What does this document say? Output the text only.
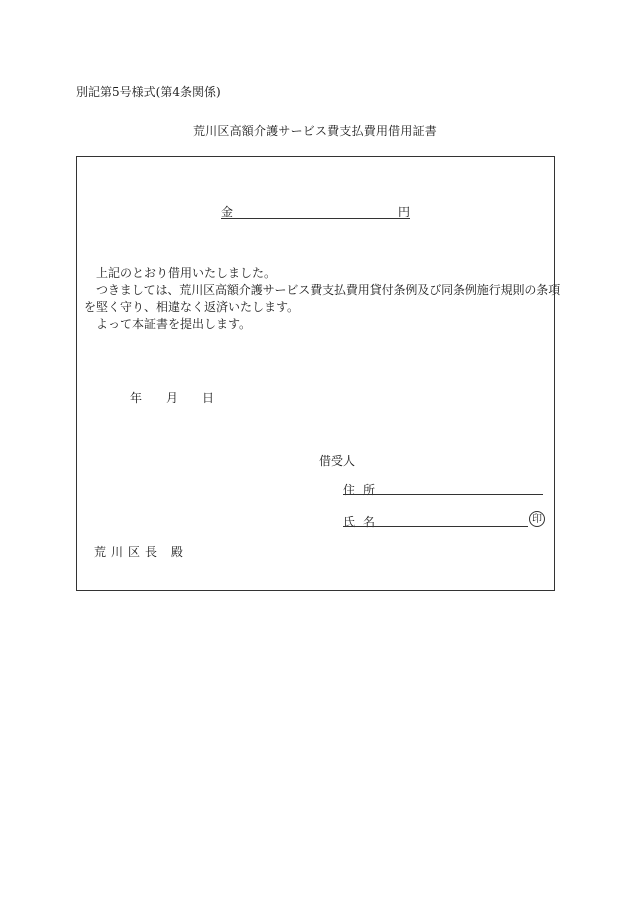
別記第5号様式(第4条関係)
荒川区高額介護サービス費支払費用借用証書
金	円
上記のとおり借用いたしました。
つきましては、荒川区高額介護サービス費支払費用貸付条例及び同条例施行規則の条項
を堅く守り、相違なく返済いたします。
よって本証書を提出します。
年 月 日
借受人
住所
氏名	印
荒川区長 殿
